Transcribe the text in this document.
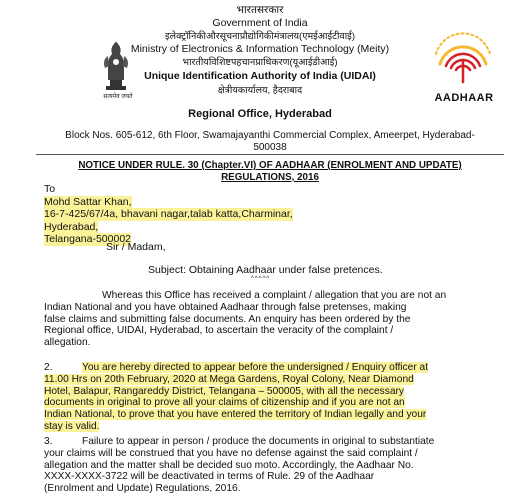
सत्यमेव जयते	AADHAAR
भारतसरकार
Government of India
इलेक्ट्रॉनिकीऔरसूचनाप्रौद्योगिकीमंत्रालय(एमईआईटीवाई)
Ministry of Electronics & Information Technology (Meity)
भारतीयविशिष्टपहचानप्राधिकरण(यूआईडीआई)
Unique Identification Authority of India (UIDAI)
क्षेत्रीयकार्यालय, हैदराबाद
Regional Office, Hyderabad
Block Nos. 605-612, 6th Floor, Swamajayanthi Commercial Complex, Ameerpet, Hyderabad-
500038
NOTICE UNDER RULE. 30 (Chapter.VI) OF AADHAAR (ENROLMENT AND UPDATE)
REGULATIONS, 2016
To
Mohd Sattar Khan,
16-7-425/67/4a, bhavani nagar,talab katta,Charminar,
Hyderabad,
Telangana-500002
Sir / Madam,
Subject: Obtaining Aadhaar under false pretences.
^^^^^
Whereas this Office has received a complaint / allegation that you are not an
Indian National and you have obtained Aadhaar through false pretenses, making
false claims and submitting false documents. An enquiry has been ordered by the
Regional office, UIDAI, Hyderabad, to ascertain the veracity of the complaint /
allegation.
2.	You are hereby directed to appear before the undersigned / Enquiry officer at
11.00 Hrs on 20th February, 2020 at Mega Gardens, Royal Colony, Near Diamond
Hotel, Balapur, Rangareddy District, Telangana – 500005, with all the necessary
documents in original to prove all your claims of citizenship and if you are not an
Indian National, to prove that you have entered the territory of Indian legally and your
stay is valid.
3.	Failure to appear in person / produce the documents in original to substantiate
your claims will be construed that you have no defense against the said complaint /
allegation and the matter shall be decided suo moto. Accordingly, the Aadhaar No.
XXXX-XXXX-3722 will be deactivated in terms of Rule. 29 of the Aadhaar
(Enrolment and Update) Regulations, 2016.
